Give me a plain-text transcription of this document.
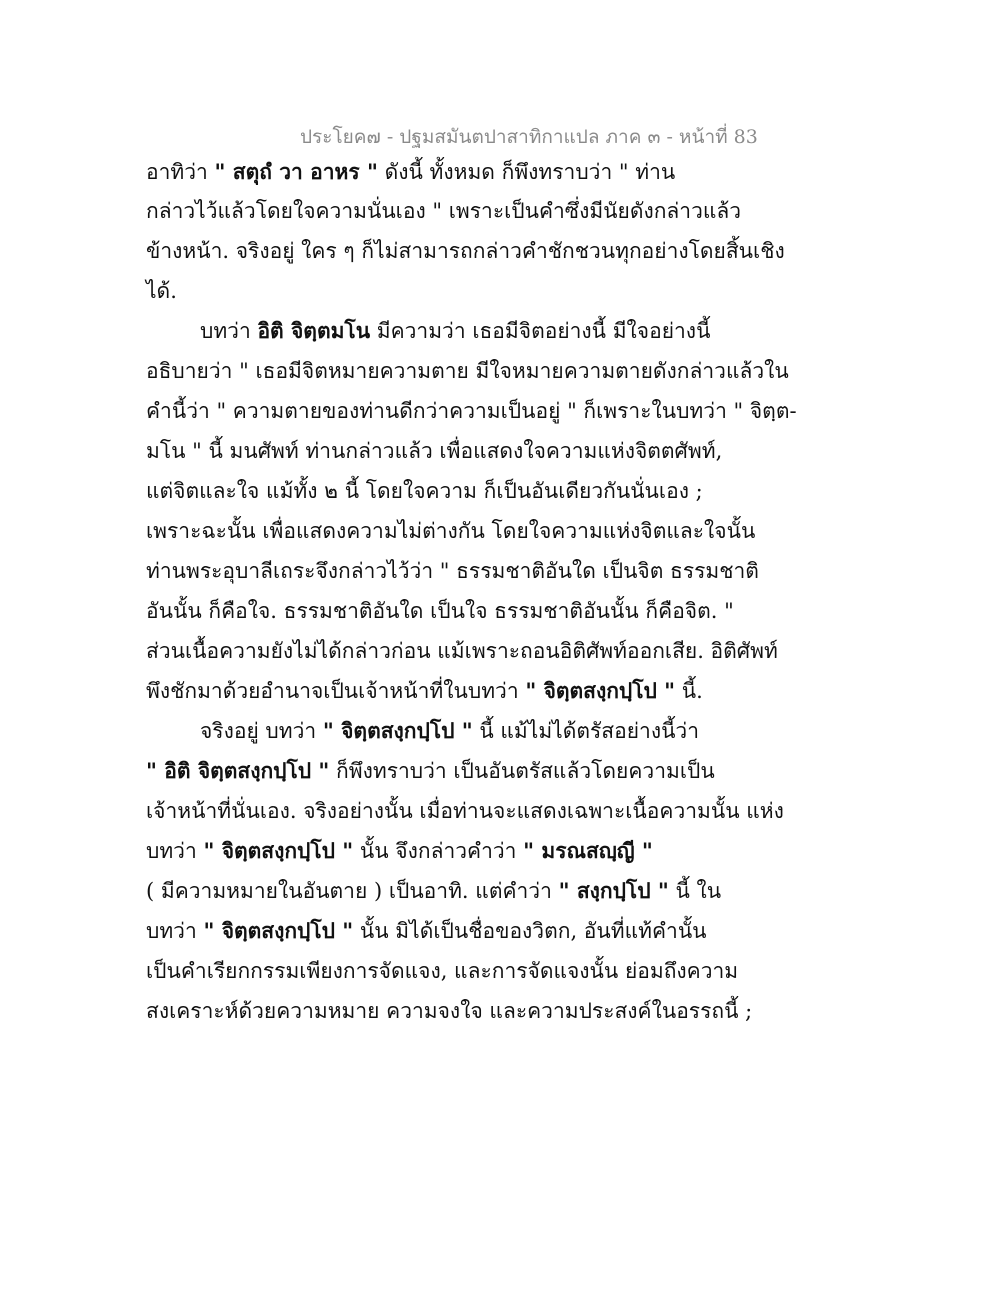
ประโยค๗ - ปฐมสมันตปาสาทิกาแปล ภาค ๓ - หน้าที่ 83
อาทิว่า " สตุถํ วา อาหร " ดังนี้ ทั้งหมด ก็พึงทราบว่า " ท่าน
กล่าวไว้แล้วโดยใจความนั่นเอง " เพราะเป็นคำซึ่งมีนัยดังกล่าวแล้ว
ข้างหน้า. จริงอยู่ ใคร ๆ ก็ไม่สามารถกล่าวคำชักชวนทุกอย่างโดยสิ้นเชิง
ได้.
บทว่า อิติ จิตฺตมโน มีความว่า เธอมีจิตอย่างนี้ มีใจอย่างนี้
อธิบายว่า " เธอมีจิตหมายความตาย มีใจหมายความตายดังกล่าวแล้วใน
คำนี้ว่า " ความตายของท่านดีกว่าความเป็นอยู่ " ก็เพราะในบทว่า " จิตฺต-
มโน " นี้ มนศัพท์ ท่านกล่าวแล้ว เพื่อแสดงใจความแห่งจิตตศัพท์,
แต่จิตและใจ แม้ทั้ง ๒ นี้ โดยใจความ ก็เป็นอันเดียวกันนั่นเอง ;
เพราะฉะนั้น เพื่อแสดงความไม่ต่างกัน โดยใจความแห่งจิตและใจนั้น
ท่านพระอุบาลีเถระจึงกล่าวไว้ว่า " ธรรมชาติอันใด เป็นจิต ธรรมชาติ
อันนั้น ก็คือใจ. ธรรมชาติอันใด เป็นใจ ธรรมชาติอันนั้น ก็คือจิต. "
ส่วนเนื้อความยังไม่ได้กล่าวก่อน แม้เพราะถอนอิติศัพท์ออกเสีย. อิติศัพท์
พึงชักมาด้วยอำนาจเป็นเจ้าหน้าที่ในบทว่า " จิตฺตสงฺกปฺโป " นี้.
จริงอยู่ บทว่า " จิตฺตสงฺกปฺโป " นี้ แม้ไม่ได้ตรัสอย่างนี้ว่า
" อิติ จิตฺตสงฺกปฺโป " ก็พึงทราบว่า เป็นอันตรัสแล้วโดยความเป็น
เจ้าหน้าที่นั่นเอง. จริงอย่างนั้น เมื่อท่านจะแสดงเฉพาะเนื้อความนั้น แห่ง
บทว่า " จิตฺตสงฺกปฺโป " นั้น จึงกล่าวคำว่า " มรณสญฺญี "
( มีความหมายในอันตาย ) เป็นอาทิ. แต่คำว่า " สงฺกปฺโป " นี้ ใน
บทว่า " จิตฺตสงฺกปฺโป " นั้น มิได้เป็นชื่อของวิตก, อันที่แท้คำนั้น
เป็นคำเรียกกรรมเพียงการจัดแจง, และการจัดแจงนั้น ย่อมถึงความ
สงเคราะห์ด้วยความหมาย ความจงใจ และความประสงค์ในอรรถนี้ ;
